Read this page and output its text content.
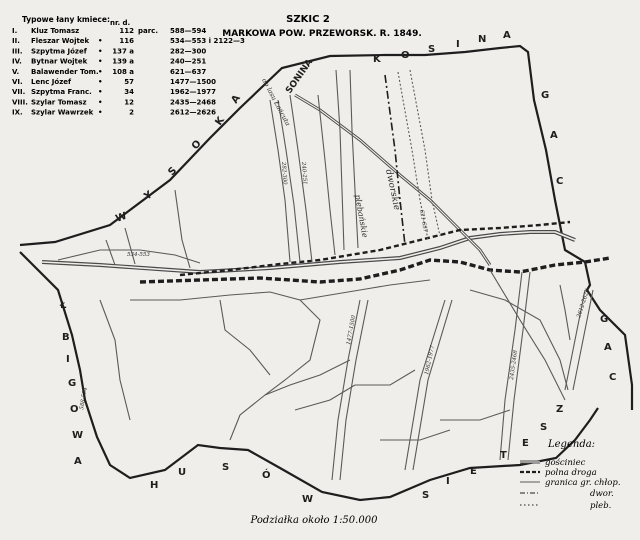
SZKIC 2
MARKOWA POW. PRZEWORSK. R. 1849.
Typowe łany kmiece:
I. Kluz Tomasz	112	588—594
II. Fleszar Wojtek • 116	534—553 i 2122—3
III. Szpytma Józef • 137 a	282—300
IV. Bytnar Wojtek • 139 a	240—251
V. Balawender Tom. • 108 a	621—637
VI. Lenc Józef	•	57	1477—1500
VII. Szpytma Franc. •	34	1962—1977
VIII. Szylar Tomasz •	12	2435—2468
IX. Szylar Wawrzek •	2	2612—2626
parc.
nr. d.
W
Y
S
O
K
A
K O
S I N A
SONINA	G
A
C
Ł
B
I
G
O
W
A
H
U	S
Ó
W	S
I
E
T
E
S
Z
G
A
C
do lasu Łańcuta
dworskie
plebańskie
282-300 240-251
621-637
1477-1500
1962-1977	2435-2468
2612-2626
534-553
588-594
Legenda:
gościniec
polna droga
granica gr. chłop.
dwor.
pleb.
Podziałka około 1:50.000
